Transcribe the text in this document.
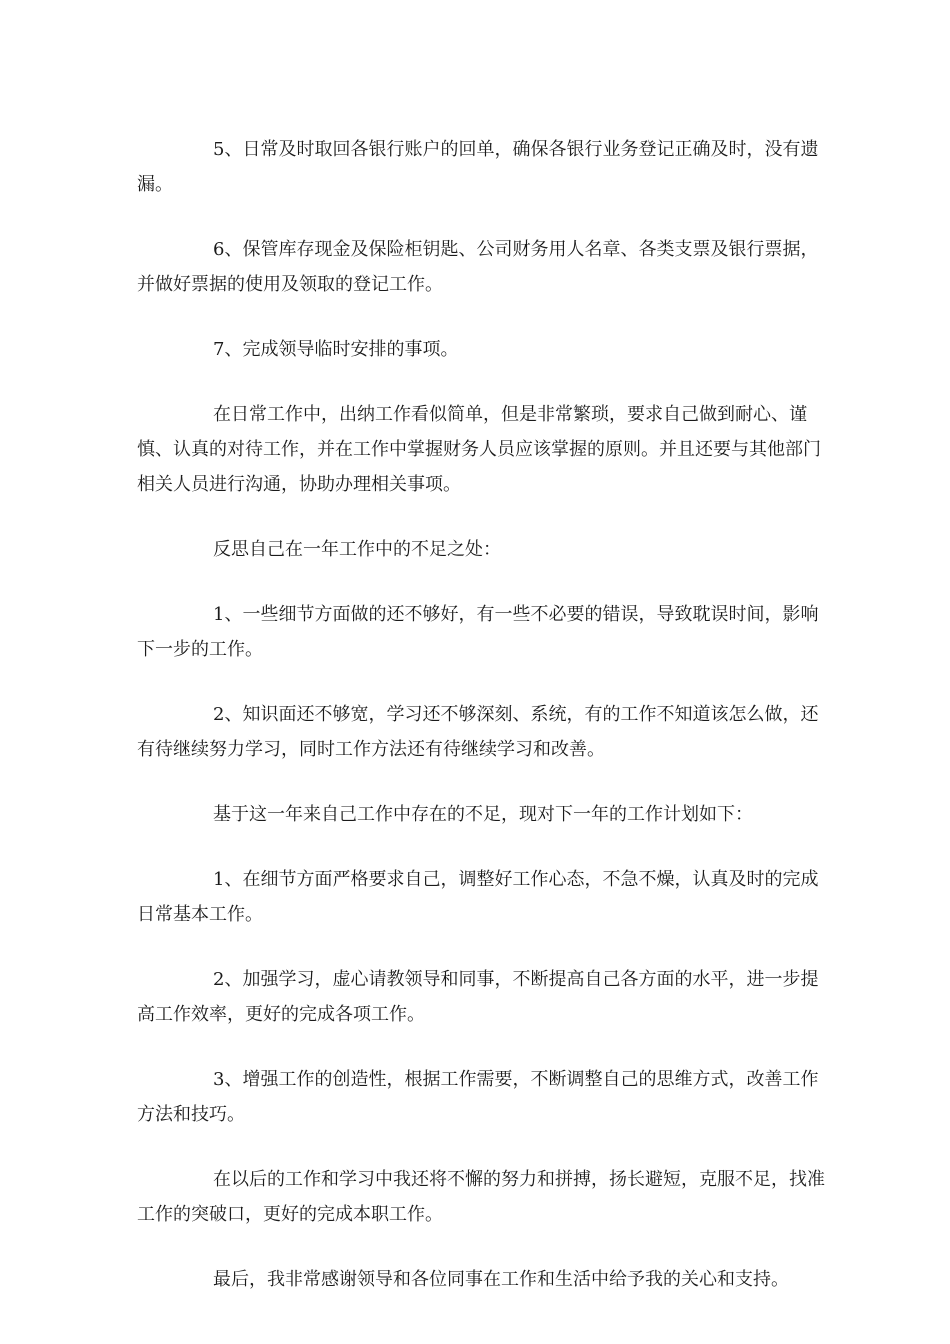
5、日常及时取回各银行账户的回单，确保各银行业务登记正确及时，没有遗漏。

6、保管库存现金及保险柜钥匙、公司财务用人名章、各类支票及银行票据，并做好票据的使用及领取的登记工作。

7、完成领导临时安排的事项。

在日常工作中，出纳工作看似简单，但是非常繁琐，要求自己做到耐心、谨慎、认真的对待工作，并在工作中掌握财务人员应该掌握的原则。并且还要与其他部门相关人员进行沟通，协助办理相关事项。

反思自己在一年工作中的不足之处：

1、一些细节方面做的还不够好，有一些不必要的错误，导致耽误时间，影响下一步的工作。

2、知识面还不够宽，学习还不够深刻、系统，有的工作不知道该怎么做，还有待继续努力学习，同时工作方法还有待继续学习和改善。

基于这一年来自己工作中存在的不足，现对下一年的工作计划如下：

1、在细节方面严格要求自己，调整好工作心态，不急不燥，认真及时的完成日常基本工作。

2、加强学习，虚心请教领导和同事，不断提高自己各方面的水平，进一步提高工作效率，更好的完成各项工作。

3、增强工作的创造性，根据工作需要，不断调整自己的思维方式，改善工作方法和技巧。

在以后的工作和学习中我还将不懈的努力和拼搏，扬长避短，克服不足，找准工作的突破口，更好的完成本职工作。

最后，我非常感谢领导和各位同事在工作和生活中给予我的关心和支持。
